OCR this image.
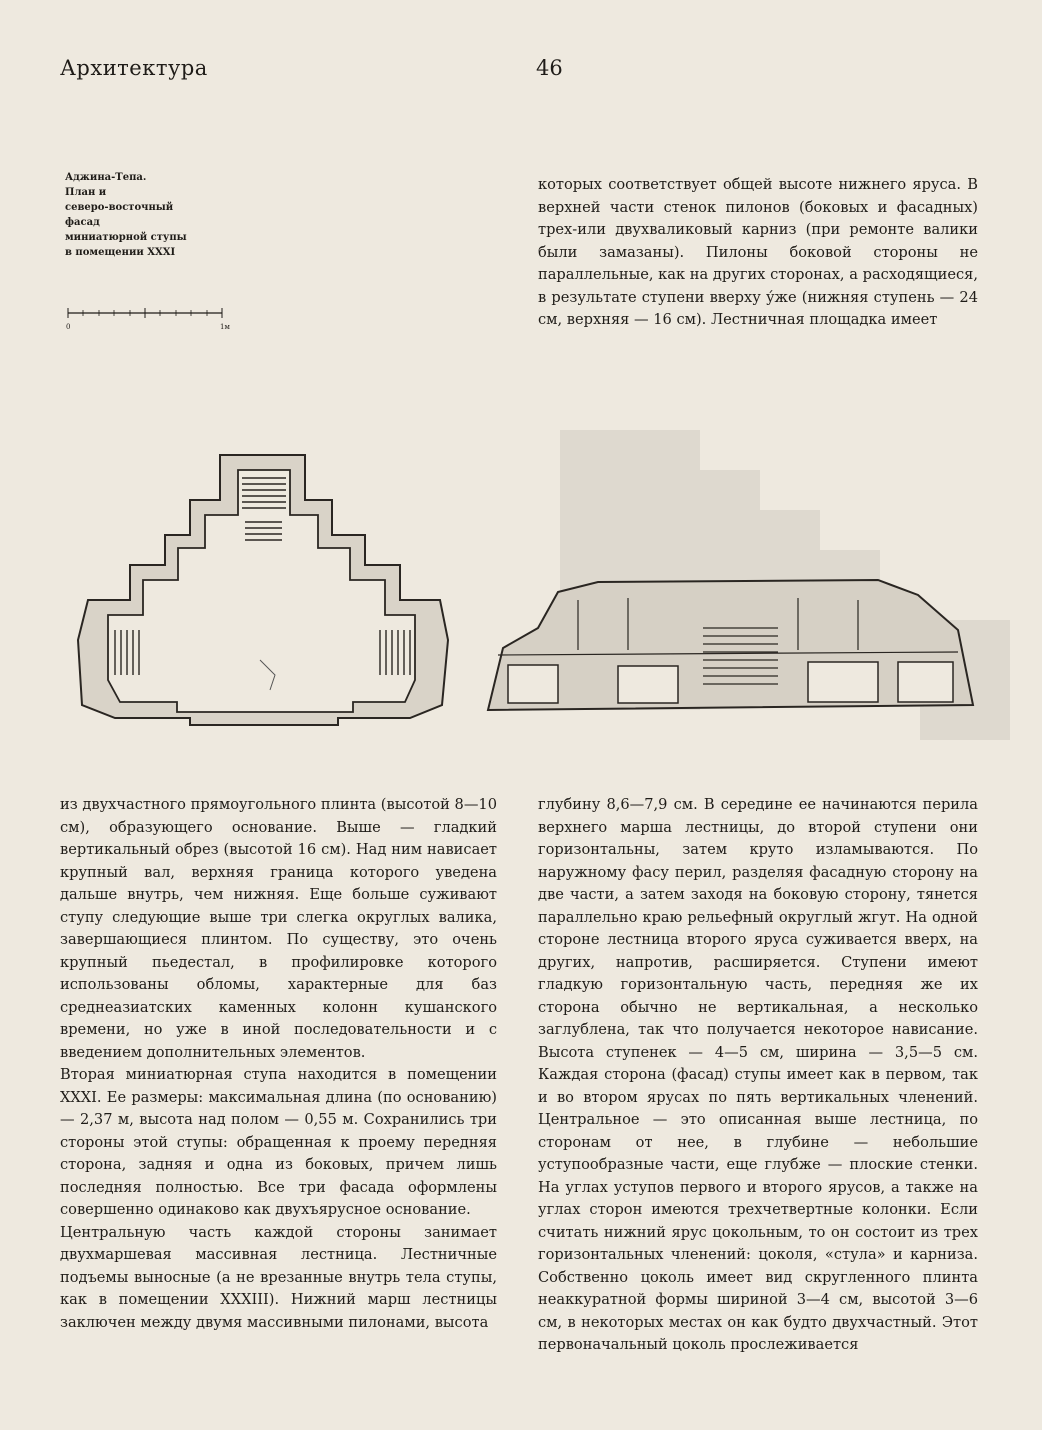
Архитектура	46
Аджина-Тепа.
План и
северо-восточный
фасад
миниатюрной ступы
в помещении XXXI
0	1м

которых соответствует общей высоте нижнего яруса. В верхней части стенок пилонов (боковых и фасадных) трех-или двухваликовый карниз (при ремонте валики были замазаны). Пилоны боковой стороны не параллельные, как на других сторонах, а расходящиеся, в результате ступени вверху у́же (нижняя ступень — 24 см, верхняя — 16 см). Лестничная площадка имеет

из двухчастного прямоугольного плинта (высотой 8—10 см), образующего основание. Выше — гладкий вертикальный обрез (высотой 16 см). Над ним нависает крупный вал, верхняя граница которого уведена дальше внутрь, чем нижняя. Еще больше суживают ступу следующие выше три слегка округлых валика, завершающиеся плинтом. По существу, это очень крупный пьедестал, в профилировке которого использованы обломы, характерные для баз среднеазиатских каменных колонн кушанского времени, но уже в иной последовательности и с введением дополнительных элементов.

Вторая миниатюрная ступа находится в помещении XXXI. Ее размеры: максимальная длина (по основанию) — 2,37 м, высота над полом — 0,55 м. Сохранились три стороны этой ступы: обращенная к проему передняя сторона, задняя и одна из боковых, причем лишь последняя полностью. Все три фасада оформлены совершенно одинаково как двухъярусное основание.

Центральную часть каждой стороны занимает двухмаршевая массивная лестница. Лестничные подъемы выносные (а не врезанные внутрь тела ступы, как в помещении XXXIII). Нижний марш лестницы заключен между двумя массивными пилонами, высота

глубину 8,6—7,9 см. В середине ее начинаются перила верхнего марша лестницы, до второй ступени они горизонтальны, затем круто изламываются. По наружному фасу перил, разделяя фасадную сторону на две части, а затем заходя на боковую сторону, тянется параллельно краю рельефный округлый жгут. На одной стороне лестница второго яруса суживается вверх, на других, напротив, расширяется. Ступени имеют гладкую горизонтальную часть, передняя же их сторона обычно не вертикальная, а несколько заглублена, так что получается некоторое нависание. Высота ступенек — 4—5 см, ширина — 3,5—5 см. Каждая сторона (фасад) ступы имеет как в первом, так и во втором ярусах по пять вертикальных членений. Центральное — это описанная выше лестница, по сторонам от нее, в глубине — небольшие уступообразные части, еще глубже — плоские стенки. На углах уступов первого и второго ярусов, а также на углах сторон имеются трехчетвертные колонки. Если считать нижний ярус цокольным, то он состоит из трех горизонтальных членений: цоколя, «стула» и карниза. Собственно цоколь имеет вид скругленного плинта неаккуратной формы шириной 3—4 см, высотой 3—6 см, в некоторых местах он как будто двухчастный. Этот первоначальный цоколь прослеживается
